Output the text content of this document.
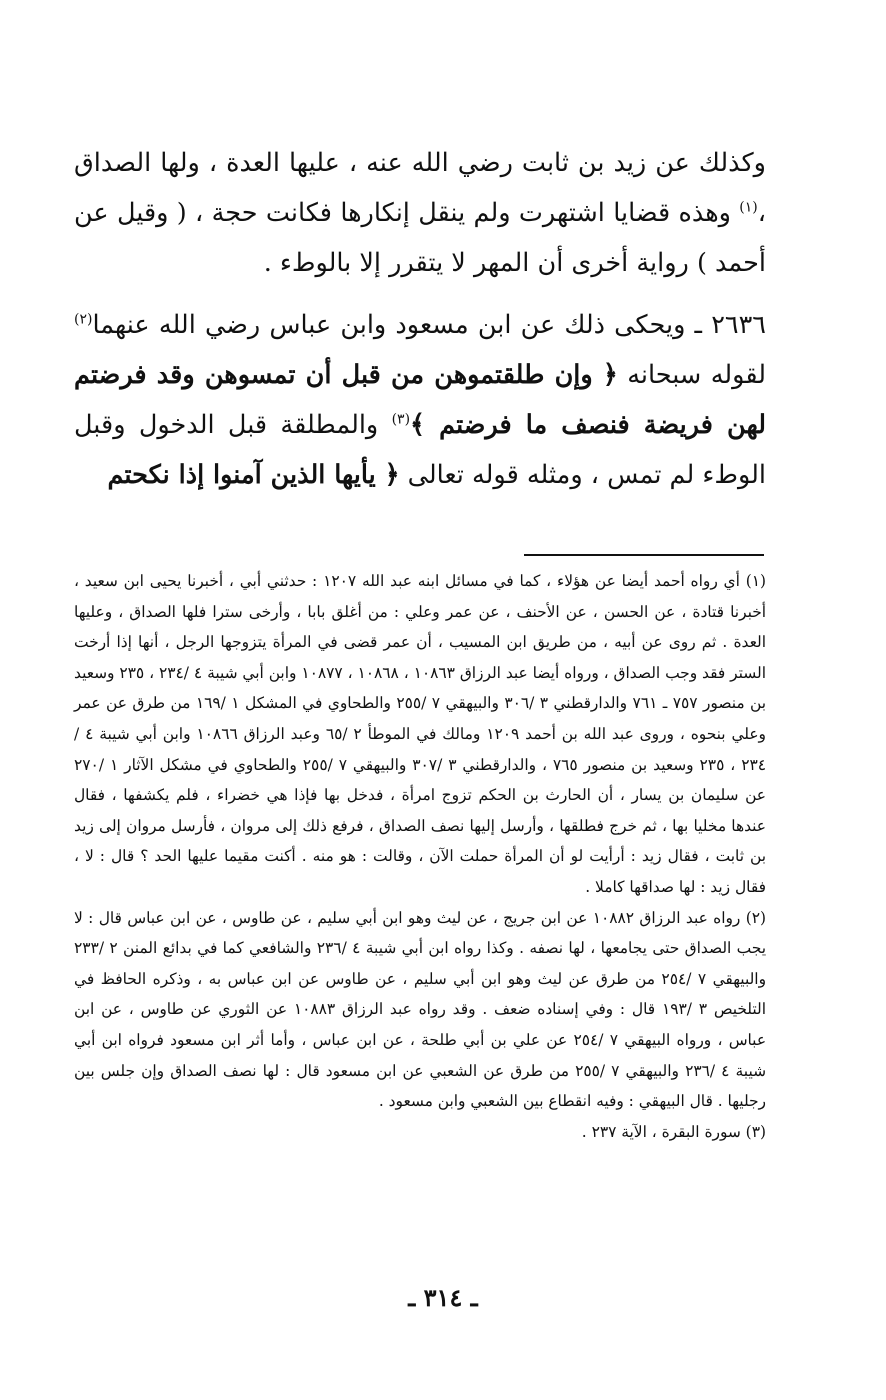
وكذلك عن زيد بن ثابت رضي الله عنه ، عليها العدة ، ولها الصداق ،$^{(١)}$ وهذه قضايا اشتهرت ولم ينقل إنكارها فكانت حجة ، ( وقيل عن أحمد ) رواية أخرى أن المهر لا يتقرر إلا بالوطء .

٢٦٣٦ ـ ويحكى ذلك عن ابن مسعود وابن عباس رضي الله عنهما$^{(٢)}$ لقوله سبحانه ﴿ وإن طلقتموهن من قبل أن تمسوهن وقد فرضتم لهن فريضة فنصف ما فرضتم ﴾$^{(٣)}$ والمطلقة قبل الدخول وقبل الوطء لم تمس ، ومثله قوله تعالى ﴿ يأيها الذين آمنوا إذا نكحتم

(١) أي رواه أحمد أيضا عن هؤلاء ، كما في مسائل ابنه عبد الله ١٢٠٧ : حدثني أبي ، أخبرنا يحيى ابن سعيد ، أخبرنا قتادة ، عن الحسن ، عن الأحنف ، عن عمر وعلي : من أغلق بابا ، وأرخى سترا فلها الصداق ، وعليها العدة . ثم روى عن أبيه ، من طريق ابن المسيب ، أن عمر قضى في المرأة يتزوجها الرجل ، أنها إذا أرخت الستر فقد وجب الصداق ، ورواه أيضا عبد الرزاق ١٠٨٦٣ ، ١٠٨٦٨ ، ١٠٨٧٧ وابن أبي شيبة ٤ /٢٣٤ ، ٢٣٥ وسعيد بن منصور ٧٥٧ ـ ٧٦١ والدارقطني ٣ /٣٠٦ والبيهقي ٧ /٢٥٥ والطحاوي في المشكل ١ /١٦٩ من طرق عن عمر وعلي بنحوه ، وروى عبد الله بن أحمد ١٢٠٩ ومالك في الموطأ ٢ /٦٥ وعبد الرزاق ١٠٨٦٦ وابن أبي شيبة ٤ /٢٣٤ ، ٢٣٥ وسعيد بن منصور ٧٦٥ ، والدارقطني ٣ /٣٠٧ والبيهقي ٧ /٢٥٥ والطحاوي في مشكل الآثار ١ /٢٧٠ عن سليمان بن يسار ، أن الحارث بن الحكم تزوج امرأة ، فدخل بها فإذا هي خضراء ، فلم يكشفها ، فقال عندها مخليا بها ، ثم خرج فطلقها ، وأرسل إليها نصف الصداق ، فرفع ذلك إلى مروان ، فأرسل مروان إلى زيد بن ثابت ، فقال زيد : أرأيت لو أن المرأة حملت الآن ، وقالت : هو منه . أكنت مقيما عليها الحد ؟ قال : لا ، فقال زيد : لها صداقها كاملا .

(٢) رواه عبد الرزاق ١٠٨٨٢ عن ابن جريج ، عن ليث وهو ابن أبي سليم ، عن طاوس ، عن ابن عباس قال : لا يجب الصداق حتى يجامعها ، لها نصفه . وكذا رواه ابن أبي شيبة ٤ /٢٣٦ والشافعي كما في بدائع المنن ٢ /٢٣٣ والبيهقي ٧ /٢٥٤ من طرق عن ليث وهو ابن أبي سليم ، عن طاوس عن ابن عباس به ، وذكره الحافظ في التلخيص ٣ /١٩٣ قال : وفي إسناده ضعف . وقد رواه عبد الرزاق ١٠٨٨٣ عن الثوري عن طاوس ، عن ابن عباس ، ورواه البيهقي ٧ /٢٥٤ عن علي بن أبي طلحة ، عن ابن عباس ، وأما أثر ابن مسعود فرواه ابن أبي شيبة ٤ /٢٣٦ والبيهقي ٧ /٢٥٥ من طرق عن الشعبي عن ابن مسعود قال : لها نصف الصداق وإن جلس بين رجليها . قال البيهقي : وفيه انقطاع بين الشعبي وابن مسعود .

(٣) سورة البقرة ، الآية ٢٣٧ .

ـ ٣١٤ ـ
